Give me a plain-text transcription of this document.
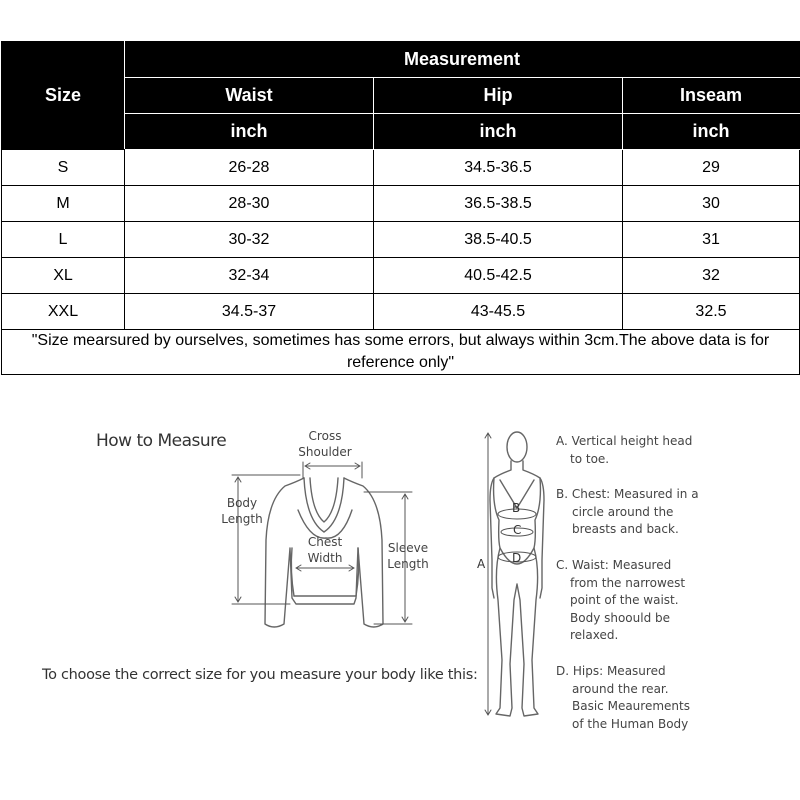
Size	Measurement		
	Waist	Hip	Inseam
	inch	inch	inch
S	26-28	34.5-36.5	29
M	28-30	36.5-38.5	30
L	30-32	38.5-40.5	31
XL	32-34	40.5-42.5	32
XXL	34.5-37	43-45.5	32.5
"Size mearsured by ourselves, sometimes has some errors, but always within 3cm.The above data is for reference only"			
How to Measure	Cross
Shoulder
Body
Length
Chest
Width
Sleeve
Length	A
B
C
D
A. Vertical height head
to toe.
B. Chest: Measured in a
circle around the
breasts and back.
C. Waist: Measured
from the narrowest
point of the waist.
Body shoould be
relaxed.
D. Hips: Measured
around the rear.
Basic Meaurements
of the Human Body
To choose the correct size for you measure your body like this:
